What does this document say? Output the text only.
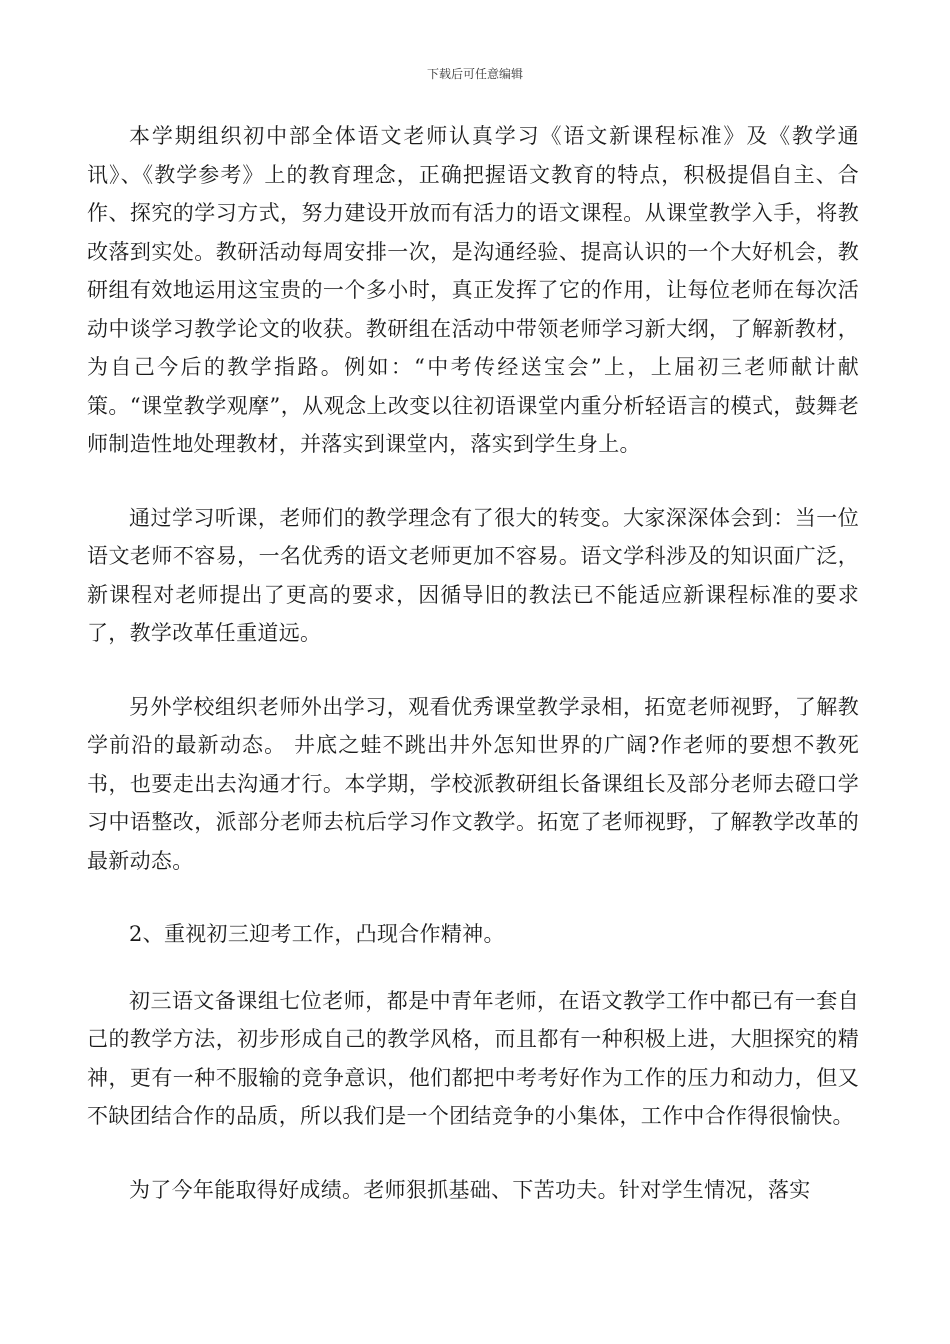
下载后可任意编辑

本学期组织初中部全体语文老师认真学习《语文新课程标准》及《教学通讯》、《教学参考》上的教育理念，正确把握语文教育的特点，积极提倡自主、合作、探究的学习方式，努力建设开放而有活力的语文课程。从课堂教学入手，将教改落到实处。教研活动每周安排一次，是沟通经验、提高认识的一个大好机会，教研组有效地运用这宝贵的一个多小时，真正发挥了它的作用，让每位老师在每次活动中谈学习教学论文的收获。教研组在活动中带领老师学习新大纲，了解新教材，为自己今后的教学指路。例如：“中考传经送宝会”上，上届初三老师献计献策。“课堂教学观摩”，从观念上改变以往初语课堂内重分析轻语言的模式，鼓舞老师制造性地处理教材，并落实到课堂内，落实到学生身上。

通过学习听课，老师们的教学理念有了很大的转变。大家深深体会到：当一位语文老师不容易，一名优秀的语文老师更加不容易。语文学科涉及的知识面广泛，新课程对老师提出了更高的要求，因循导旧的教法已不能适应新课程标准的要求了，教学改革任重道远。

另外学校组织老师外出学习，观看优秀课堂教学录相，拓宽老师视野，了解教学前沿的最新动态。 井底之蛙不跳出井外怎知世界的广阔?作老师的要想不教死书，也要走出去沟通才行。本学期，学校派教研组长备课组长及部分老师去磴口学习中语整改，派部分老师去杭后学习作文教学。拓宽了老师视野，了解教学改革的最新动态。

2、重视初三迎考工作，凸现合作精神。

初三语文备课组七位老师，都是中青年老师，在语文教学工作中都已有一套自己的教学方法，初步形成自己的教学风格，而且都有一种积极上进，大胆探究的精神，更有一种不服输的竞争意识，他们都把中考考好作为工作的压力和动力，但又不缺团结合作的品质，所以我们是一个团结竞争的小集体，工作中合作得很愉快。

为了今年能取得好成绩。老师狠抓基础、下苦功夫。针对学生情况，落实
